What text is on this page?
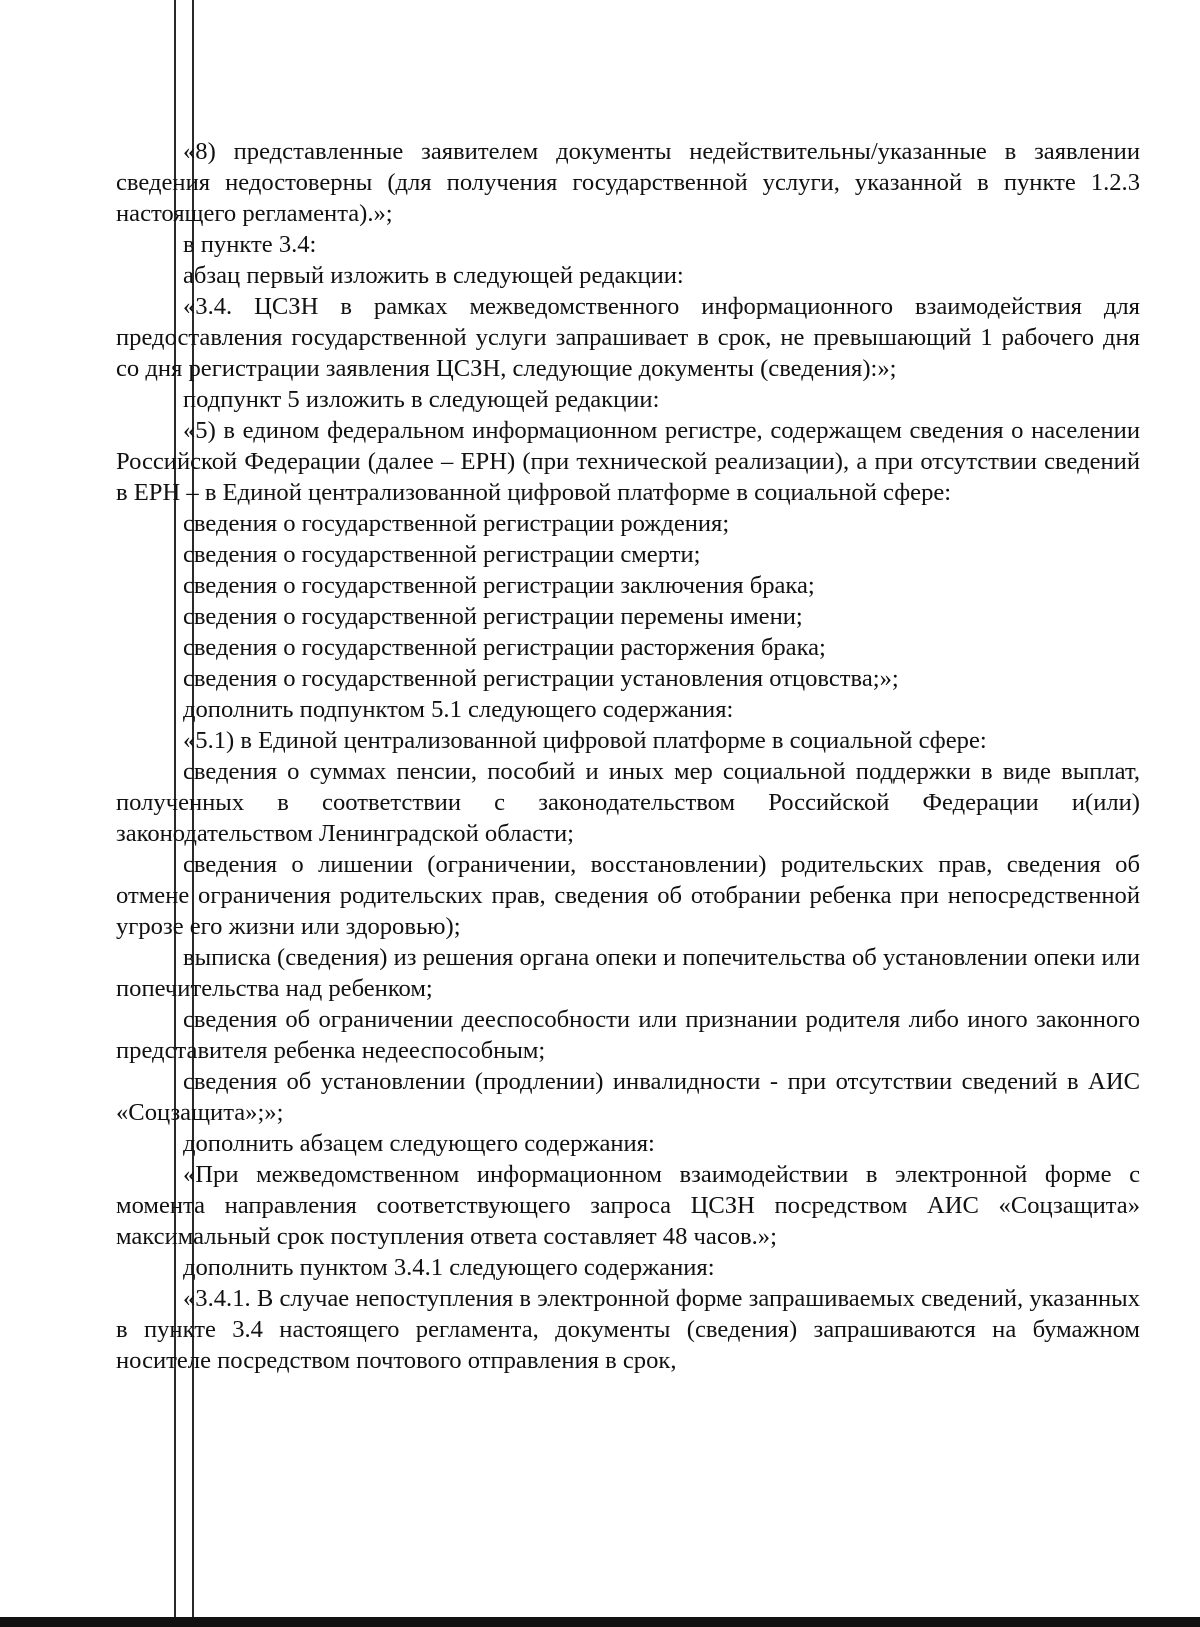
«8) представленные заявителем документы недействительны/указанные в заявлении сведения недостоверны (для получения государственной услуги, указанной в пункте 1.2.3 настоящего регламента).»;

в пункте 3.4:

абзац первый изложить в следующей редакции:

«3.4. ЦСЗН в рамках межведомственного информационного взаимодействия для предоставления государственной услуги запрашивает в срок, не превышающий 1 рабочего дня со дня регистрации заявления ЦСЗН, следующие документы (сведения):»;

подпункт 5 изложить в следующей редакции:

«5) в едином федеральном информационном регистре, содержащем сведения о населении Российской Федерации (далее – ЕРН) (при технической реализации), а при отсутствии сведений в ЕРН – в Единой централизованной цифровой платформе в социальной сфере:

сведения о государственной регистрации рождения;

сведения о государственной регистрации смерти;

сведения о государственной регистрации заключения брака;

сведения о государственной регистрации перемены имени;

сведения о государственной регистрации расторжения брака;

сведения о государственной регистрации установления отцовства;»;

дополнить подпунктом 5.1 следующего содержания:

«5.1) в Единой централизованной цифровой платформе в социальной сфере:

сведения о суммах пенсии, пособий и иных мер социальной поддержки в виде выплат, полученных в соответствии с законодательством Российской Федерации и(или) законодательством Ленинградской области;

сведения о лишении (ограничении, восстановлении) родительских прав, сведения об отмене ограничения родительских прав, сведения об отобрании ребенка при непосредственной угрозе его жизни или здоровью);

выписка (сведения) из решения органа опеки и попечительства об установлении опеки или попечительства над ребенком;

сведения об ограничении дееспособности или признании родителя либо иного законного представителя ребенка недееспособным;

сведения об установлении (продлении) инвалидности - при отсутствии сведений в АИС «Соцзащита»;»;

дополнить абзацем следующего содержания:

«При межведомственном информационном взаимодействии в электронной форме с момента направления соответствующего запроса ЦСЗН посредством АИС «Соцзащита» максимальный срок поступления ответа составляет 48 часов.»;

дополнить пунктом 3.4.1 следующего содержания:

«3.4.1. В случае непоступления в электронной форме запрашиваемых сведений, указанных в пункте 3.4 настоящего регламента, документы (сведения) запрашиваются на бумажном носителе посредством почтового отправления в срок,
